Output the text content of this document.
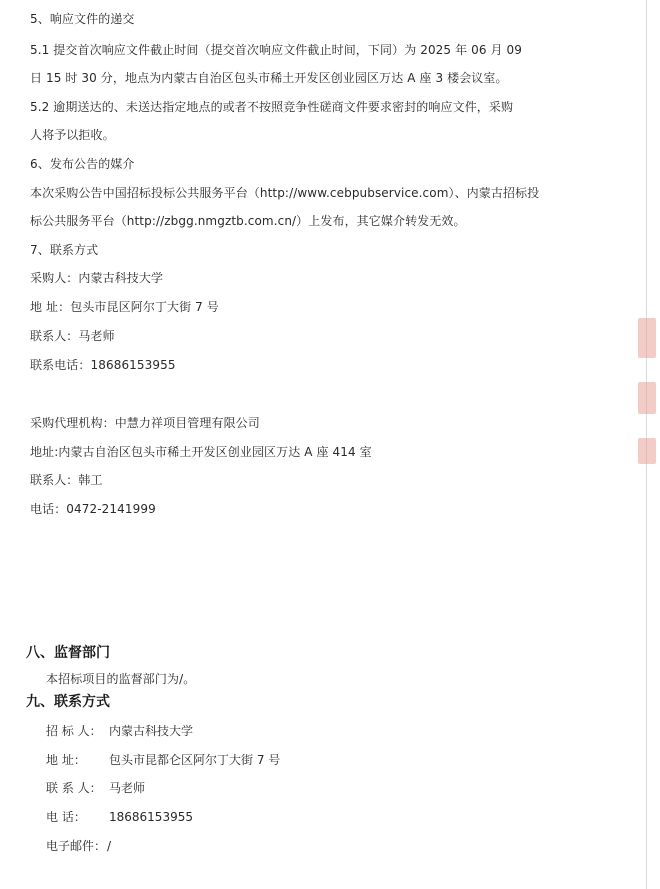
5、响应文件的递交
5.1 提交首次响应文件截止时间（提交首次响应文件截止时间，下同）为 2025 年 06 月 09
日 15 时 30 分，地点为内蒙古自治区包头市稀土开发区创业园区万达 A 座 3 楼会议室。
5.2 逾期送达的、未送达指定地点的或者不按照竞争性磋商文件要求密封的响应文件，采购
人将予以拒收。
6、发布公告的媒介
本次采购公告中国招标投标公共服务平台（http://www.cebpubservice.com）、内蒙古招标投
标公共服务平台（http://zbgg.nmgztb.com.cn/）上发布，其它媒介转发无效。
7、联系方式
采购人：内蒙古科技大学
地 址：包头市昆区阿尔丁大街 7 号
联系人：马老师
联系电话：18686153955
采购代理机构：中慧力祥项目管理有限公司
地址:内蒙古自治区包头市稀土开发区创业园区万达 A 座 414 室
联系人：韩工
电话：0472-2141999
八、监督部门
本招标项目的监督部门为/。
九、联系方式
招 标 人： 内蒙古科技大学
地 址： 包头市昆都仑区阿尔丁大街 7 号
联 系 人： 马老师
电 话： 18686153955
电子邮件： /
